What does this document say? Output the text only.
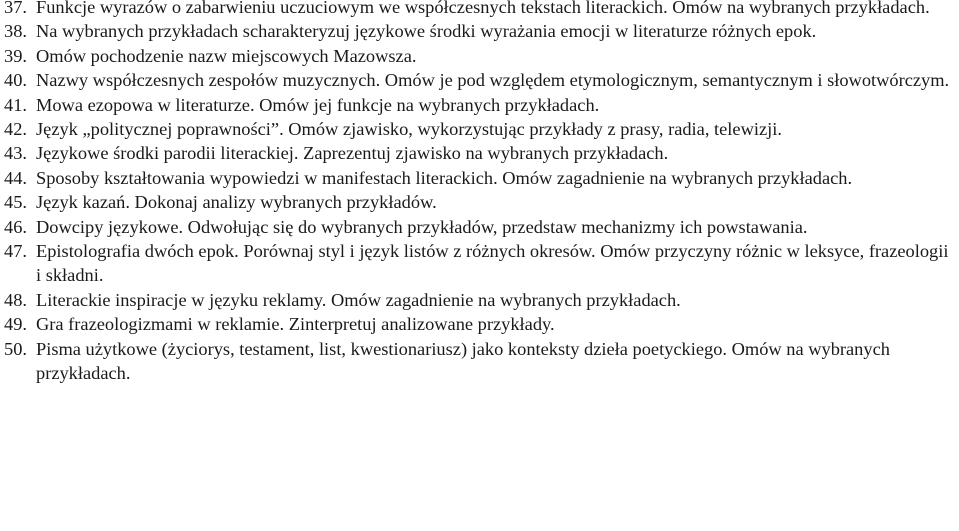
37. Funkcje wyrazów o zabarwieniu uczuciowym we współczesnych tekstach literackich. Omów na wybranych przykładach.
38. Na wybranych przykładach scharakteryzuj językowe środki wyrażania emocji w literaturze różnych epok.
39. Omów pochodzenie nazw miejscowych Mazowsza.
40. Nazwy współczesnych zespołów muzycznych. Omów je pod względem etymologicznym, semantycznym i słowotwórczym.
41. Mowa ezopowa w literaturze. Omów jej funkcje na wybranych przykładach.
42. Język „politycznej poprawności”. Omów zjawisko, wykorzystując przykłady z prasy, radia, telewizji.
43. Językowe środki parodii literackiej. Zaprezentuj zjawisko na wybranych przykładach.
44. Sposoby kształtowania wypowiedzi w manifestach literackich. Omów zagadnienie na wybranych przykładach.
45. Język kazań. Dokonaj analizy wybranych przykładów.
46. Dowcipy językowe. Odwołując się do wybranych przykładów, przedstaw mechanizmy ich powstawania.
47. Epistolografia dwóch epok. Porównaj styl i język listów z różnych okresów. Omów przyczyny różnic w leksyce, frazeologii i składni.
48. Literackie inspiracje w języku reklamy. Omów zagadnienie na wybranych przykładach.
49. Gra frazeologizmami w reklamie. Zinterpretuj analizowane przykłady.
50. Pisma użytkowe (życiorys, testament, list, kwestionariusz) jako konteksty dzieła poetyckiego. Omów na wybranych przykładach.
